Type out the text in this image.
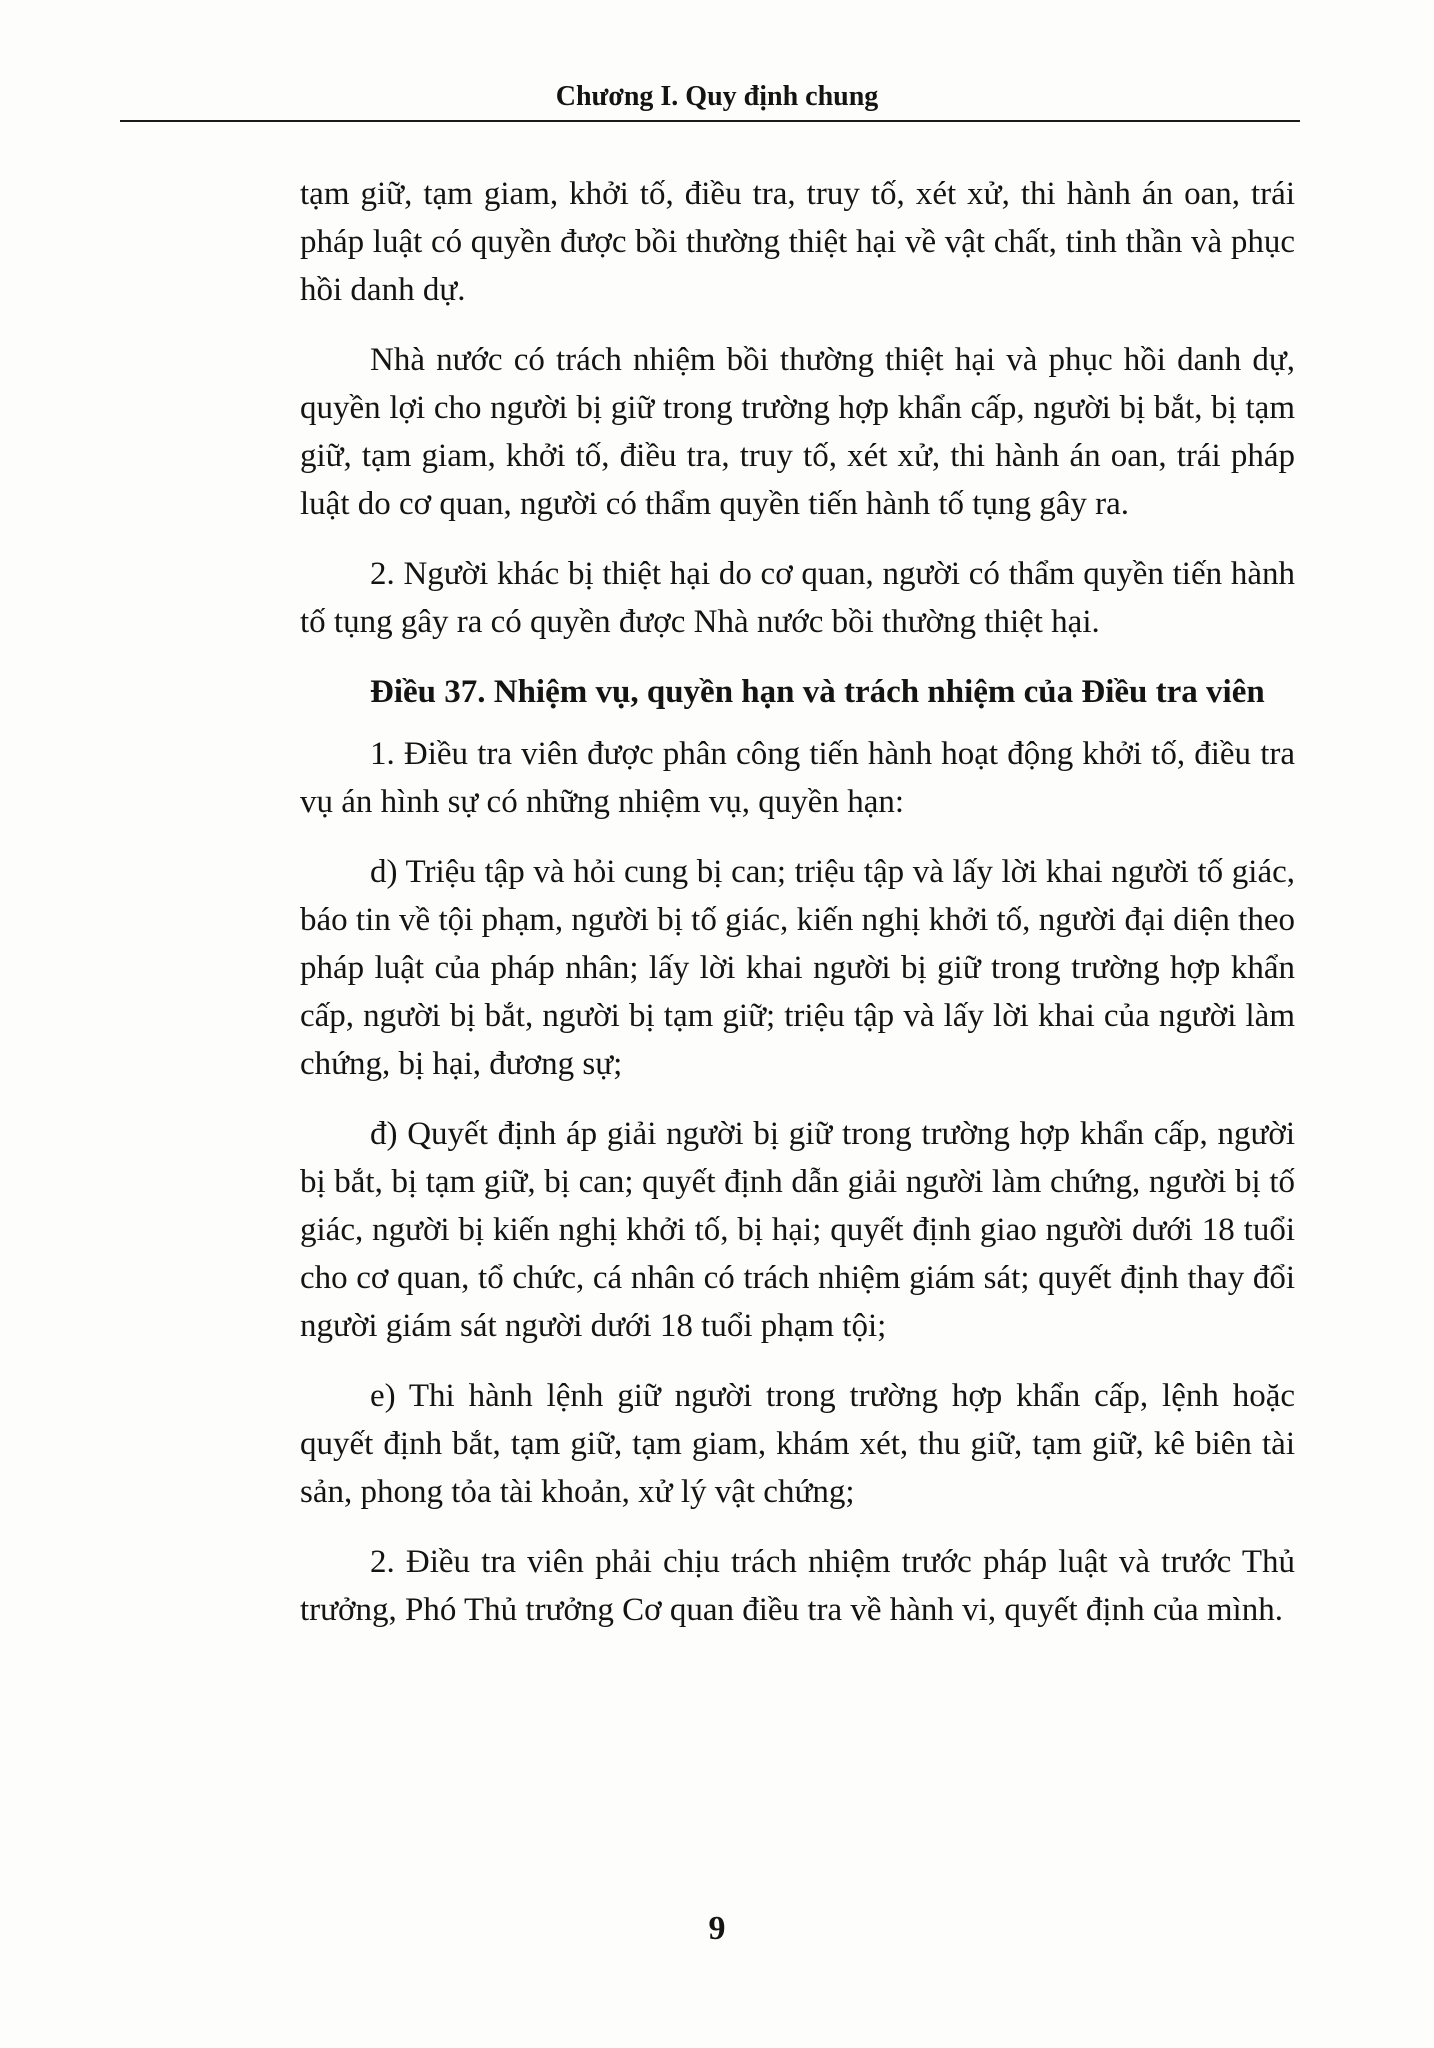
Chương I. Quy định chung

tạm giữ, tạm giam, khởi tố, điều tra, truy tố, xét xử, thi hành án oan, trái pháp luật có quyền được bồi thường thiệt hại về vật chất, tinh thần và phục hồi danh dự.

Nhà nước có trách nhiệm bồi thường thiệt hại và phục hồi danh dự, quyền lợi cho người bị giữ trong trường hợp khẩn cấp, người bị bắt, bị tạm giữ, tạm giam, khởi tố, điều tra, truy tố, xét xử, thi hành án oan, trái pháp luật do cơ quan, người có thẩm quyền tiến hành tố tụng gây ra.

2. Người khác bị thiệt hại do cơ quan, người có thẩm quyền tiến hành tố tụng gây ra có quyền được Nhà nước bồi thường thiệt hại.

Điều 37. Nhiệm vụ, quyền hạn và trách nhiệm của Điều tra viên

1. Điều tra viên được phân công tiến hành hoạt động khởi tố, điều tra vụ án hình sự có những nhiệm vụ, quyền hạn:

d) Triệu tập và hỏi cung bị can; triệu tập và lấy lời khai người tố giác, báo tin về tội phạm, người bị tố giác, kiến nghị khởi tố, người đại diện theo pháp luật của pháp nhân; lấy lời khai người bị giữ trong trường hợp khẩn cấp, người bị bắt, người bị tạm giữ; triệu tập và lấy lời khai của người làm chứng, bị hại, đương sự;

đ) Quyết định áp giải người bị giữ trong trường hợp khẩn cấp, người bị bắt, bị tạm giữ, bị can; quyết định dẫn giải người làm chứng, người bị tố giác, người bị kiến nghị khởi tố, bị hại; quyết định giao người dưới 18 tuổi cho cơ quan, tổ chức, cá nhân có trách nhiệm giám sát; quyết định thay đổi người giám sát người dưới 18 tuổi phạm tội;

e) Thi hành lệnh giữ người trong trường hợp khẩn cấp, lệnh hoặc quyết định bắt, tạm giữ, tạm giam, khám xét, thu giữ, tạm giữ, kê biên tài sản, phong tỏa tài khoản, xử lý vật chứng;

2. Điều tra viên phải chịu trách nhiệm trước pháp luật và trước Thủ trưởng, Phó Thủ trưởng Cơ quan điều tra về hành vi, quyết định của mình.

9
